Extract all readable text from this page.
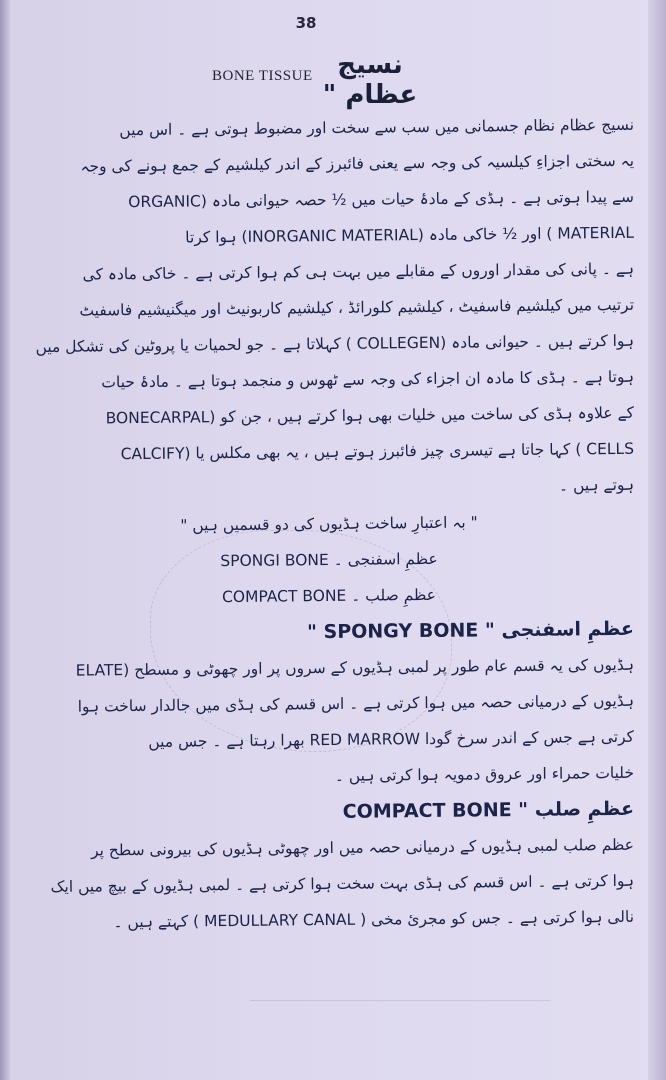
38
BONE TISSUE نسیج عظام "
نسیج عظام نظام جسمانی میں سب سے سخت اور مضبوط ہوتی ہے ۔ اس میں
یہ سختی اجزاءِ کیلسیہ کی وجہ سے یعنی فائبرز کے اندر کیلشیم کے جمع ہونے کی وجہ
سے پیدا ہوتی ہے ۔ ہڈی کے مادۂ حیات میں ½ حصہ حیوانی مادہ (ORGANIC
MATERIAL ) اور ½ خاکی مادہ (INORGANIC MATERIAL) ہوا کرتا
ہے ۔ پانی کی مقدار اوروں کے مقابلے میں بہت ہی کم ہوا کرتی ہے ۔ خاکی مادہ کی
ترتیب میں کیلشیم فاسفیٹ ، کیلشیم کلورائڈ ، کیلشیم کاربونیٹ اور میگنیشیم فاسفیٹ
ہوا کرتے ہیں ۔ حیوانی مادہ (COLLEGEN ) کہلاتا ہے ۔ جو لحمیات یا پروٹین کی تشکل میں
ہوتا ہے ۔ ہڈی کا مادہ ان اجزاء کی وجہ سے ٹھوس و منجمد ہوتا ہے ۔ مادۂ حیات
کے علاوہ ہڈی کی ساخت میں خلیات بھی ہوا کرتے ہیں ، جن کو (BONECARPAL
CELLS ) کہا جاتا ہے تیسری چیز فائبرز ہوتے ہیں ، یہ بھی مکلس یا (CALCIFY
ہوتے ہیں ۔
" بہ اعتبارِ ساخت ہڈیوں کی دو قسمیں ہیں "
عظمِ اسفنجی ۔ SPONGI BONE
عظمِ صلب ۔ COMPACT BONE
عظمِ اسفنجی " SPONGY BONE "
ہڈیوں کی یہ قسم عام طور پر لمبی ہڈیوں کے سروں پر اور چھوٹی و مسطح (ELATE
ہڈیوں کے درمیانی حصہ میں ہوا کرتی ہے ۔ اس قسم کی ہڈی میں جالدار ساخت ہوا
کرتی ہے جس کے اندر سرخ گودا RED MARROW بھرا رہتا ہے ۔ جس میں
خلیات حمراء اور عروق دمویہ ہوا کرتی ہیں ۔
عظمِ صلب " COMPACT BONE
عظم صلب لمبی ہڈیوں کے درمیانی حصہ میں اور چھوٹی ہڈیوں کی بیرونی سطح پر
ہوا کرتی ہے ۔ اس قسم کی ہڈی بہت سخت ہوا کرتی ہے ۔ لمبی ہڈیوں کے بیچ میں ایک
نالی ہوا کرتی ہے ۔ جس کو مجرئ مخی ( MEDULLARY CANAL ) کہتے ہیں ۔
